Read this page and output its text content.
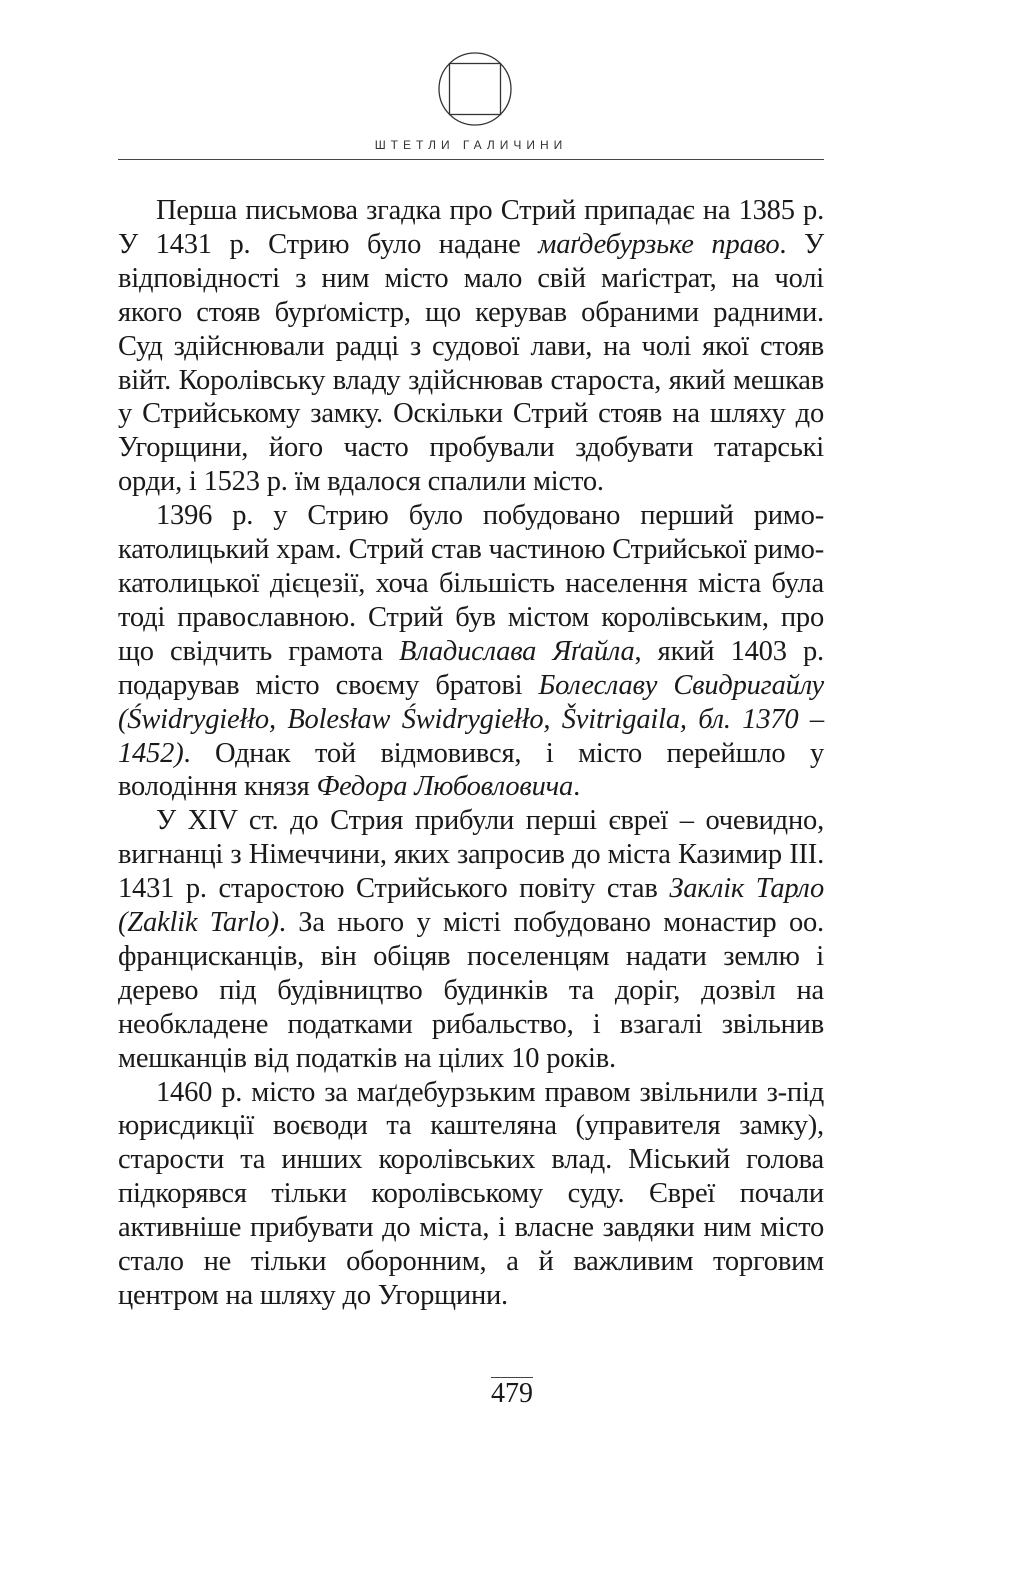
ШТЕТЛИ ГАЛИЧИНИ

Перша письмова згадка про Стрий припадає на 1385 р. У 1431 р. Стрию було надане маґдебурзьке право. У відповідності з ним місто мало свій маґістрат, на чолі якого стояв бурґомістр, що керував обраними радними. Суд здійснювали радці з судової лави, на чолі якої стояв війт. Королівську владу здійснював староста, який мешкав у Стрийському замку. Оскільки Стрий стояв на шляху до Угорщини, його часто пробували здобувати татарські орди, і 1523 р. їм вдалося спалили місто.

1396 р. у Стрию було побудовано перший римо-католицький храм. Стрий став частиною Стрийської римо-католицької дієцезії, хоча більшість населення міста була тоді православною. Стрий був містом королівським, про що свідчить грамота Владислава Яґайла, який 1403 р. подарував місто своєму братові Болеславу Свидригайлу (Świdrygiełło, Bolesław Świdrygiełło, Švitrigaila, бл. 1370 – 1452). Однак той відмовився, і місто перейшло у володіння князя Федора Любовловича.

У XIV ст. до Стрия прибули перші євреї – очевидно, вигнанці з Німеччини, яких запросив до міста Казимир III. 1431 р. старостою Стрийського повіту став Заклік Тарло (Zaklik Tarlo). За нього у місті побудовано монастир оо. францисканців, він обіцяв поселенцям надати землю і дерево під будівництво будинків та доріг, дозвіл на необкладене податками рибальство, і взагалі звільнив мешканців від податків на цілих 10 років.

1460 р. місто за маґдебурзьким правом звільнили з-під юрисдикції воєводи та каштеляна (управителя замку), старости та инших королівських влад. Міський голова підкорявся тільки королівському суду. Євреї почали активніше прибувати до міста, і власне завдяки ним місто стало не тільки оборонним, а й важливим торговим центром на шляху до Угорщини.

479
